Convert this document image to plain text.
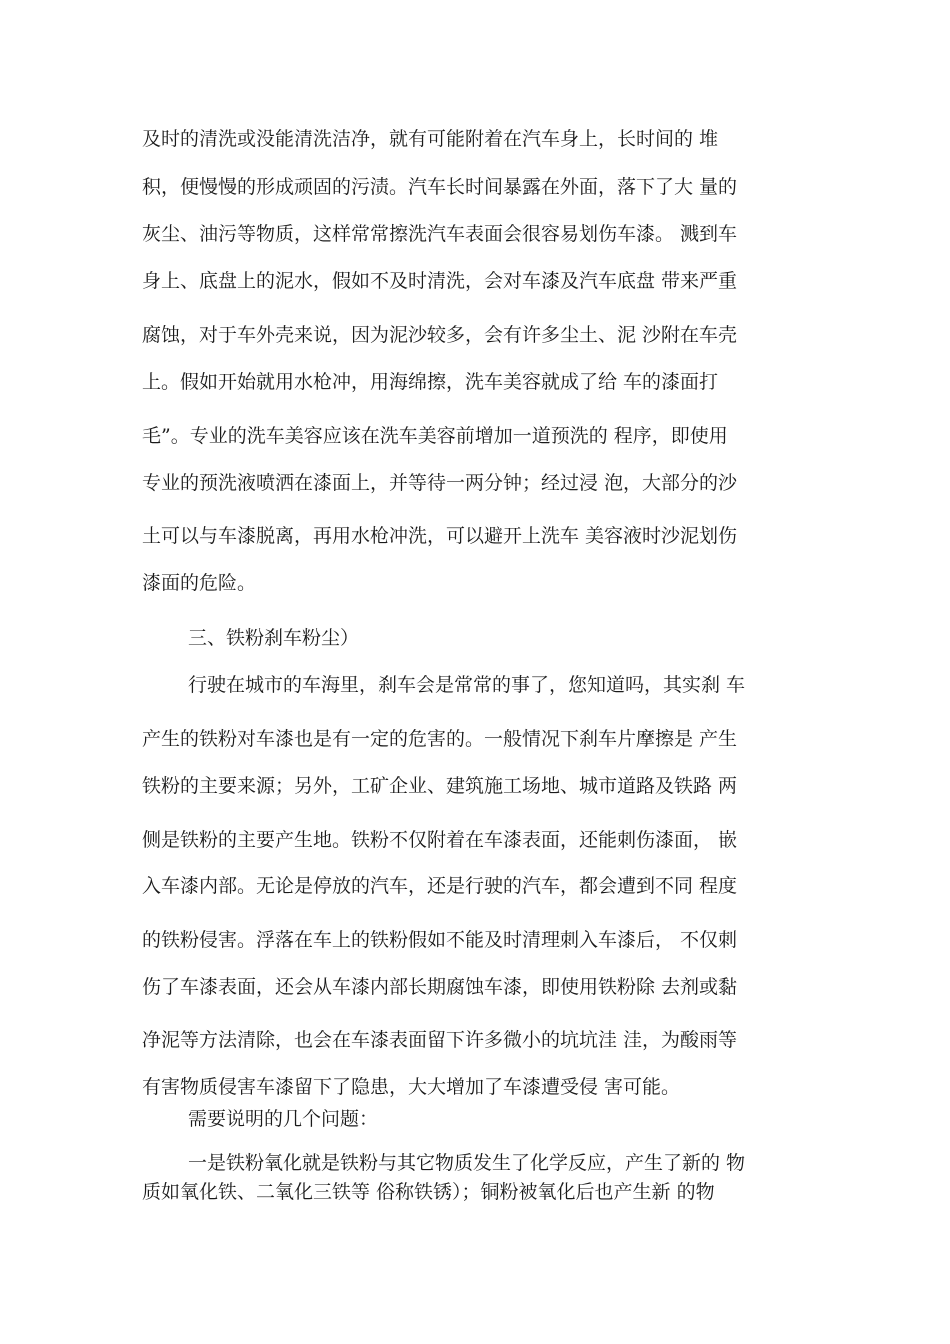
及时的清洗或没能清洗洁净，就有可能附着在汽车身上，长时间的 堆
积，便慢慢的形成顽固的污渍。汽车长时间暴露在外面，落下了大 量的
灰尘、油污等物质，这样常常擦洗汽车表面会很容易划伤车漆。 溅到车
身上、底盘上的泥水，假如不及时清洗，会对车漆及汽车底盘 带来严重
腐蚀，对于车外壳来说，因为泥沙较多，会有许多尘土、泥 沙附在车壳
上。假如开始就用水枪冲，用海绵擦，洗车美容就成了给 车的漆面打
毛”。专业的洗车美容应该在洗车美容前增加一道预洗的 程序，即使用
专业的预洗液喷洒在漆面上，并等待一两分钟；经过浸 泡，大部分的沙
土可以与车漆脱离，再用水枪冲洗，可以避开上洗车 美容液时沙泥划伤
漆面的危险。
三、铁粉刹车粉尘）
行驶在城市的车海里，刹车会是常常的事了，您知道吗，其实刹 车
产生的铁粉对车漆也是有一定的危害的。一般情况下刹车片摩擦是 产生
铁粉的主要来源；另外，工矿企业、建筑施工场地、城市道路及铁路 两
侧是铁粉的主要产生地。铁粉不仅附着在车漆表面，还能刺伤漆面， 嵌
入车漆内部。无论是停放的汽车，还是行驶的汽车，都会遭到不同 程度
的铁粉侵害。浮落在车上的铁粉假如不能及时清理刺入车漆后， 不仅刺
伤了车漆表面，还会从车漆内部长期腐蚀车漆，即使用铁粉除 去剂或黏
净泥等方法清除，也会在车漆表面留下许多微小的坑坑洼 洼，为酸雨等
有害物质侵害车漆留下了隐患，大大增加了车漆遭受侵 害可能。
需要说明的几个问题：
一是铁粉氧化就是铁粉与其它物质发生了化学反应，产生了新的 物
质如氧化铁、二氧化三铁等 俗称铁锈）；铜粉被氧化后也产生新 的物
